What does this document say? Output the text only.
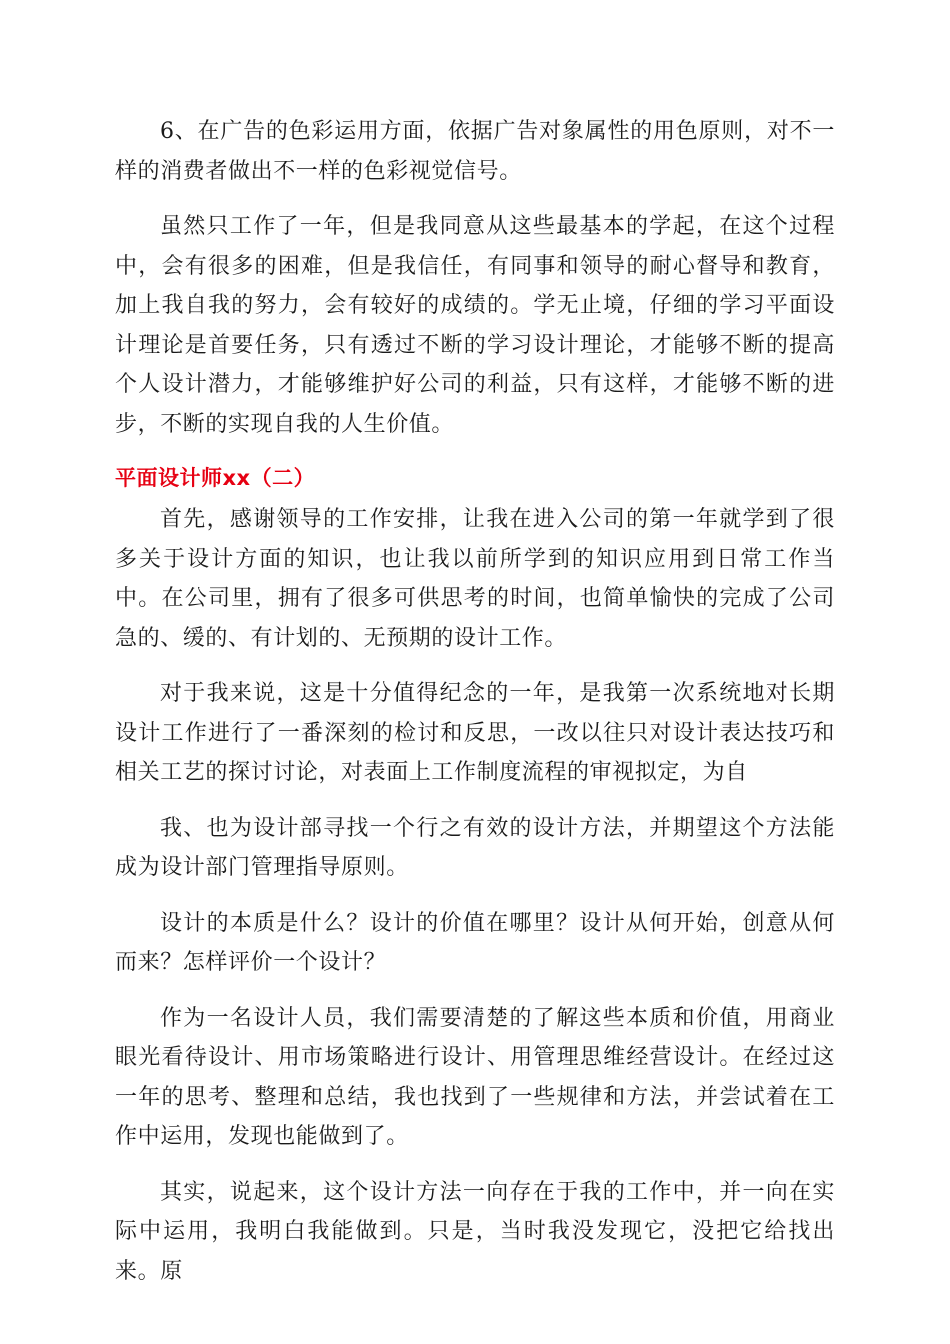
6、在广告的色彩运用方面，依据广告对象属性的用色原则，对不一样的消费者做出不一样的色彩视觉信号。

虽然只工作了一年，但是我同意从这些最基本的学起，在这个过程中，会有很多的困难，但是我信任，有同事和领导的耐心督导和教育，加上我自我的努力，会有较好的成绩的。学无止境，仔细的学习平面设计理论是首要任务，只有透过不断的学习设计理论，才能够不断的提高个人设计潜力，才能够维护好公司的利益，只有这样，才能够不断的进步，不断的实现自我的人生价值。

平面设计师xx（二）

首先，感谢领导的工作安排，让我在进入公司的第一年就学到了很多关于设计方面的知识，也让我以前所学到的知识应用到日常工作当中。在公司里，拥有了很多可供思考的时间，也简单愉快的完成了公司急的、缓的、有计划的、无预期的设计工作。

对于我来说，这是十分值得纪念的一年，是我第一次系统地对长期设计工作进行了一番深刻的检讨和反思，一改以往只对设计表达技巧和相关工艺的探讨讨论，对表面上工作制度流程的审视拟定，为自

我、也为设计部寻找一个行之有效的设计方法，并期望这个方法能成为设计部门管理指导原则。

设计的本质是什么？设计的价值在哪里？设计从何开始，创意从何而来？怎样评价一个设计？

作为一名设计人员，我们需要清楚的了解这些本质和价值，用商业眼光看待设计、用市场策略进行设计、用管理思维经营设计。在经过这一年的思考、整理和总结，我也找到了一些规律和方法，并尝试着在工作中运用，发现也能做到了。

其实，说起来，这个设计方法一向存在于我的工作中，并一向在实际中运用，我明白我能做到。只是，当时我没发现它，没把它给找出来。原
